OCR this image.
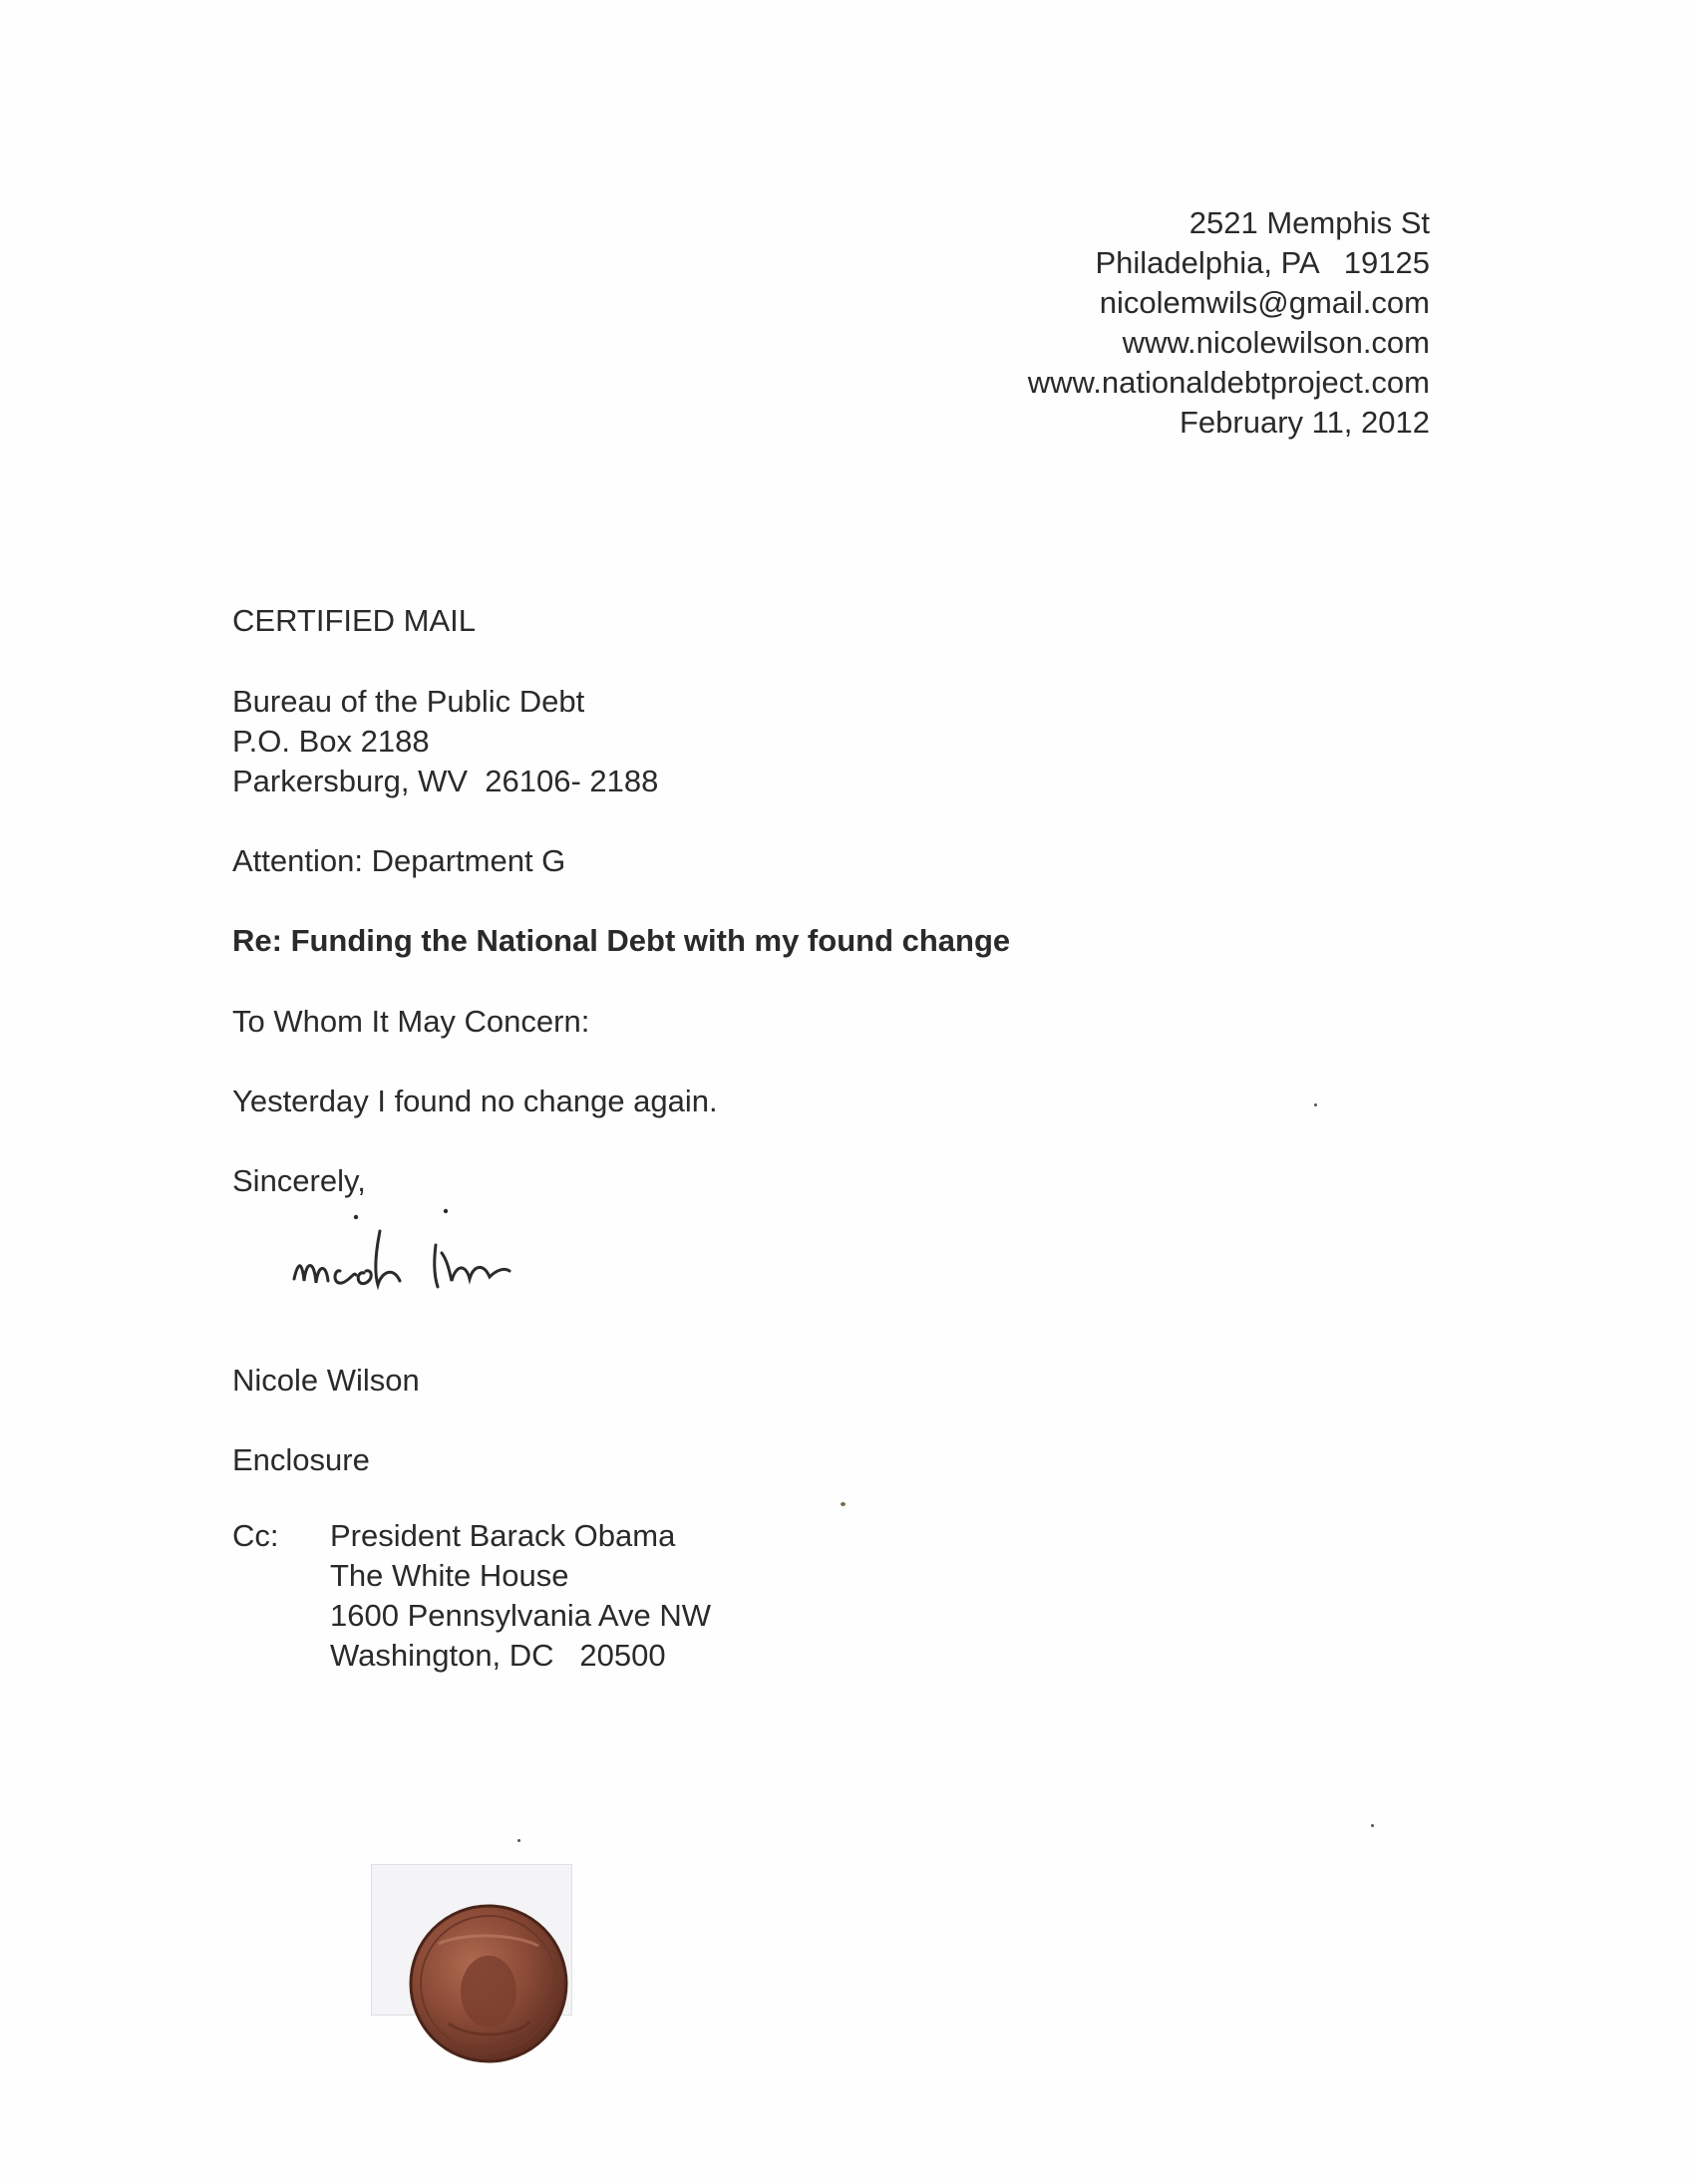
2521 Memphis St
Philadelphia, PA   19125
nicolemwils@gmail.com
www.nicolewilson.com
www.nationaldebtproject.com
February 11, 2012
CERTIFIED MAIL
Bureau of the Public Debt
P.O. Box 2188
Parkersburg, WV  26106- 2188
Attention: Department G
Re: Funding the National Debt with my found change
To Whom It May Concern:
Yesterday I found no change again.
Sincerely,
Nicole Wilson
Enclosure
Cc: President Barack Obama
The White House
1600 Pennsylvania Ave NW
Washington, DC   20500
